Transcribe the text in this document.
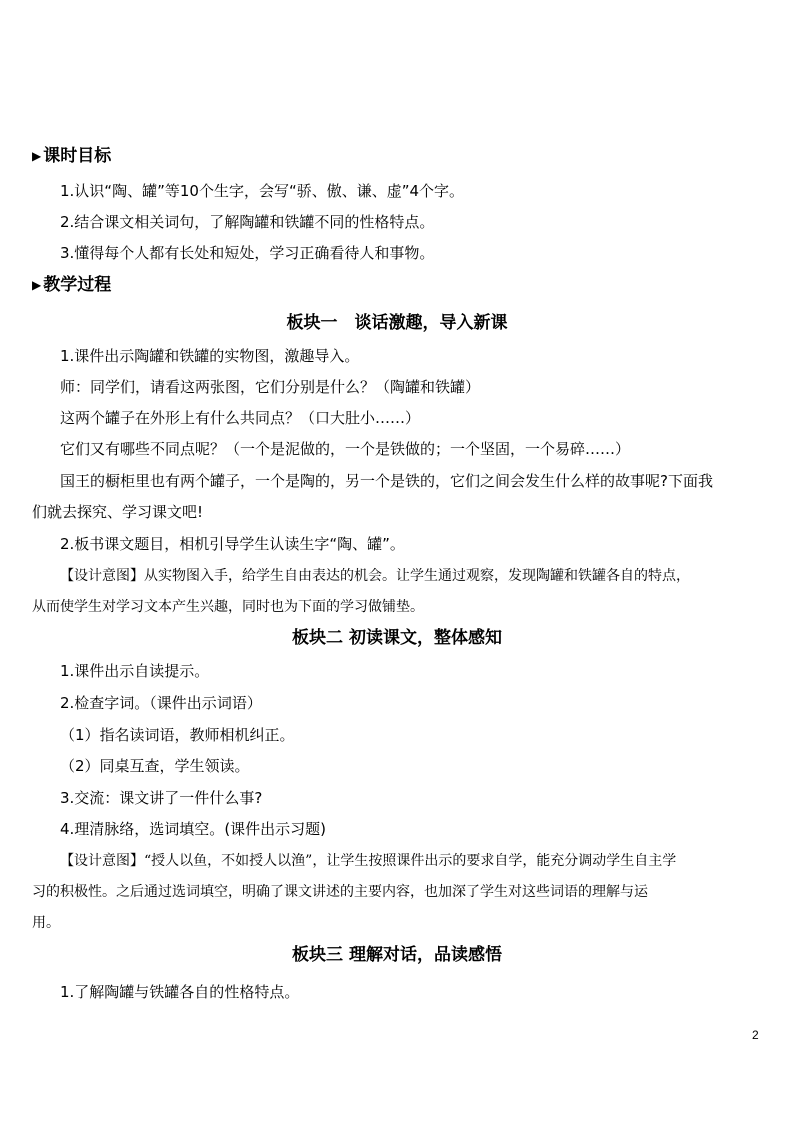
▶ 课时目标
1.认识“陶、罐”等10个生字，会写“骄、傲、谦、虚”4个字。
2.结合课文相关词句，了解陶罐和铁罐不同的性格特点。
3.懂得每个人都有长处和短处，学习正确看待人和事物。
▶ 教学过程
板块一　谈话激趣，导入新课
1.课件出示陶罐和铁罐的实物图，激趣导入。
师：同学们，请看这两张图，它们分别是什么？（陶罐和铁罐）
这两个罐子在外形上有什么共同点？（口大肚小……）
它们又有哪些不同点呢？（一个是泥做的，一个是铁做的；一个坚固，一个易碎……）
国王的橱柜里也有两个罐子，一个是陶的，另一个是铁的，它们之间会发生什么样的故事呢?下面我
们就去探究、学习课文吧!
2.板书课文题目，相机引导学生认读生字“陶、罐”。
【设计意图】从实物图入手，给学生自由表达的机会。让学生通过观察，发现陶罐和铁罐各自的特点，
从而使学生对学习文本产生兴趣，同时也为下面的学习做铺垫。
板块二 初读课文，整体感知
1.课件出示自读提示。
2.检查字词。（课件出示词语）
（1）指名读词语，教师相机纠正。
（2）同桌互查，学生领读。
3.交流：课文讲了一件什么事?
4.理清脉络，选词填空。(课件出示习题)
【设计意图】“授人以鱼，不如授人以渔”，让学生按照课件出示的要求自学，能充分调动学生自主学
习的积极性。之后通过选词填空，明确了课文讲述的主要内容，也加深了学生对这些词语的理解与运
用。
板块三 理解对话，品读感悟
1.了解陶罐与铁罐各自的性格特点。
2
